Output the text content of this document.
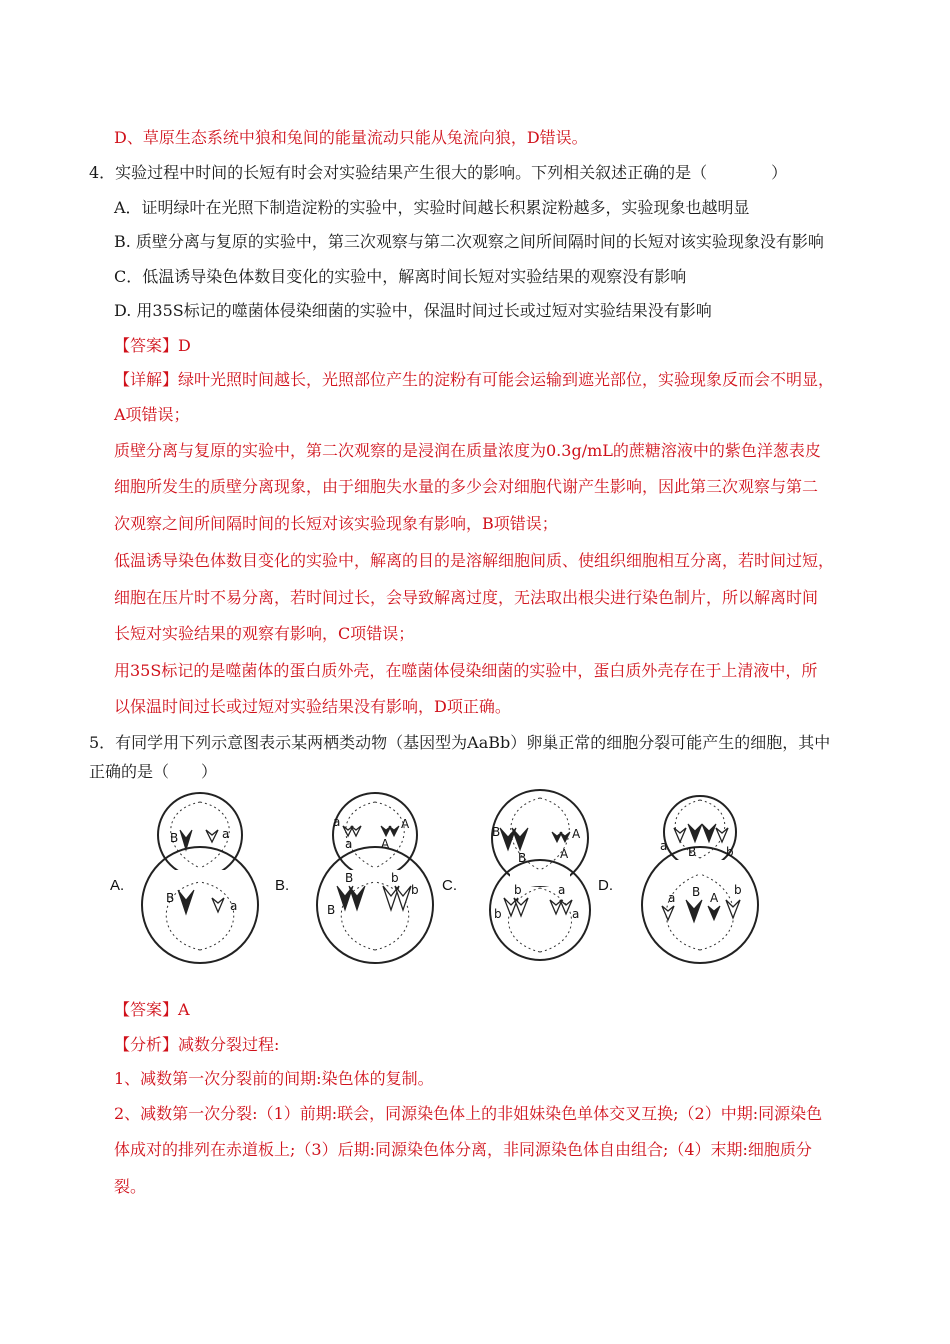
D、草原生态系统中狼和兔间的能量流动只能从兔流向狼，D错误。
4．实验过程中时间的长短有时会对实验结果产生很大的影响。下列相关叙述正确的是（　　　　）
A．证明绿叶在光照下制造淀粉的实验中，实验时间越长积累淀粉越多，实验现象也越明显
B. 质壁分离与复原的实验中，第三次观察与第二次观察之间所间隔时间的长短对该实验现象没有影响
C．低温诱导染色体数目变化的实验中，解离时间长短对实验结果的观察没有影响
D. 用35S标记的噬菌体侵染细菌的实验中，保温时间过长或过短对实验结果没有影响
【答案】D
【详解】绿叶光照时间越长，光照部位产生的淀粉有可能会运输到遮光部位，实验现象反而会不明显，
A项错误；
质壁分离与复原的实验中，第二次观察的是浸润在质量浓度为0.3g/mL的蔗糖溶液中的紫色洋葱表皮
细胞所发生的质壁分离现象，由于细胞失水量的多少会对细胞代谢产生影响，因此第三次观察与第二
次观察之间所间隔时间的长短对该实验现象有影响，B项错误；
低温诱导染色体数目变化的实验中，解离的目的是溶解细胞间质、使组织细胞相互分离，若时间过短，
细胞在压片时不易分离，若时间过长，会导致解离过度，无法取出根尖进行染色制片，所以解离时间
长短对实验结果的观察有影响，C项错误；
用35S标记的是噬菌体的蛋白质外壳，在噬菌体侵染细菌的实验中，蛋白质外壳存在于上清液中，所
以保温时间过长或过短对实验结果没有影响，D项正确。
5．有同学用下列示意图表示某两栖类动物（基因型为AaBb）卵巢正常的细胞分裂可能产生的细胞，其中
正确的是（　　）
A.
B	a
B
a
B.
a
a A
A
B
B
b
b C.
B
B
A
A
b
b
a
a
D.
a B b
a B A
b
【答案】A
【分析】减数分裂过程:
1、减数第一次分裂前的间期:染色体的复制。
2、减数第一次分裂:（1）前期:联会，同源染色体上的非姐妹染色单体交叉互换;（2）中期:同源染色
体成对的排列在赤道板上;（3）后期:同源染色体分离，非同源染色体自由组合;（4）末期:细胞质分
裂。
